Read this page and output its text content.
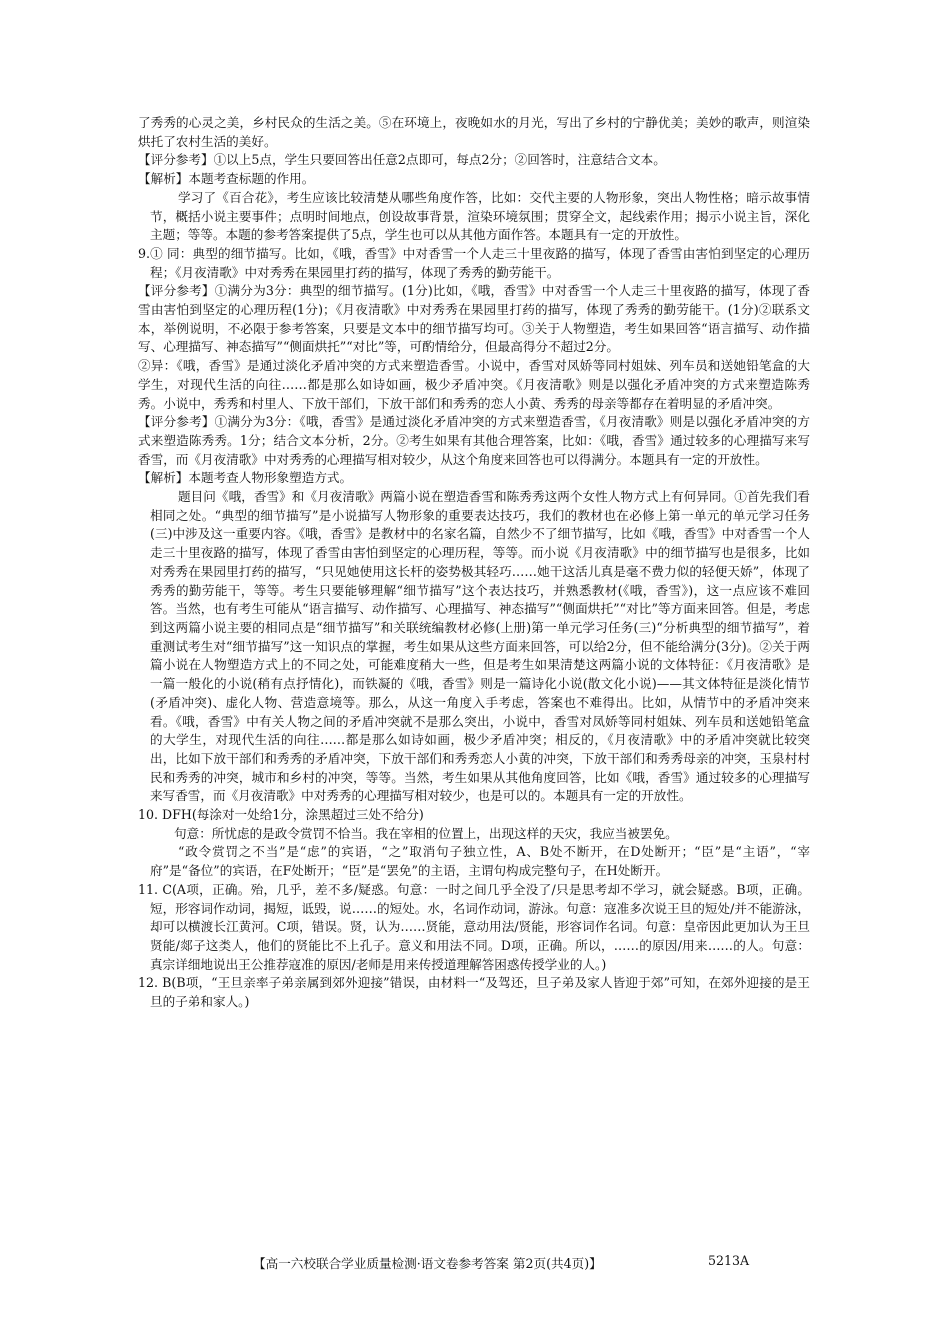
了秀秀的心灵之美，乡村民众的生活之美。⑤在环境上，夜晚如水的月光，写出了乡村的宁静优美；美妙的歌声，则渲染烘托了农村生活的美好。

【评分参考】①以上5点，学生只要回答出任意2点即可，每点2分；②回答时，注意结合文本。

【解析】本题考查标题的作用。

学习了《百合花》，考生应该比较清楚从哪些角度作答，比如：交代主要的人物形象，突出人物性格；暗示故事情节，概括小说主要事件；点明时间地点，创设故事背景，渲染环境氛围；贯穿全文，起线索作用；揭示小说主旨，深化主题；等等。本题的参考答案提供了5点，学生也可以从其他方面作答。本题具有一定的开放性。

9.① 同：典型的细节描写。比如，《哦，香雪》中对香雪一个人走三十里夜路的描写，体现了香雪由害怕到坚定的心理历程；《月夜清歌》中对秀秀在果园里打药的描写，体现了秀秀的勤劳能干。

【评分参考】①满分为3分：典型的细节描写。(1分)比如，《哦，香雪》中对香雪一个人走三十里夜路的描写，体现了香雪由害怕到坚定的心理历程(1分)；《月夜清歌》中对秀秀在果园里打药的描写，体现了秀秀的勤劳能干。(1分)②联系文本，举例说明，不必限于参考答案，只要是文本中的细节描写均可。③关于人物塑造，考生如果回答“语言描写、动作描写、心理描写、神态描写”“侧面烘托”“对比”等，可酌情给分，但最高得分不超过2分。

②异：《哦，香雪》是通过淡化矛盾冲突的方式来塑造香雪。小说中，香雪对凤娇等同村姐妹、列车员和送她铅笔盒的大学生，对现代生活的向往……都是那么如诗如画，极少矛盾冲突。《月夜清歌》则是以强化矛盾冲突的方式来塑造陈秀秀。小说中，秀秀和村里人、下放干部们，下放干部们和秀秀的恋人小黄、秀秀的母亲等都存在着明显的矛盾冲突。

【评分参考】①满分为3分：《哦，香雪》是通过淡化矛盾冲突的方式来塑造香雪，《月夜清歌》则是以强化矛盾冲突的方式来塑造陈秀秀。1分；结合文本分析，2分。②考生如果有其他合理答案，比如：《哦，香雪》通过较多的心理描写来写香雪，而《月夜清歌》中对秀秀的心理描写相对较少，从这个角度来回答也可以得满分。本题具有一定的开放性。

【解析】本题考查人物形象塑造方式。

题目问《哦，香雪》和《月夜清歌》两篇小说在塑造香雪和陈秀秀这两个女性人物方式上有何异同。①首先我们看相同之处。“典型的细节描写”是小说描写人物形象的重要表达技巧，我们的教材也在必修上第一单元的单元学习任务(三)中涉及这一重要内容。《哦，香雪》是教材中的名家名篇，自然少不了细节描写，比如《哦，香雪》中对香雪一个人走三十里夜路的描写，体现了香雪由害怕到坚定的心理历程，等等。而小说《月夜清歌》中的细节描写也是很多，比如对秀秀在果园里打药的描写，“只见她使用这长杆的姿势极其轻巧……她干这活儿真是毫不费力似的轻便天娇”，体现了秀秀的勤劳能干，等等。考生只要能够理解“细节描写”这个表达技巧，并熟悉教材(《哦，香雪》)，这一点应该不难回答。当然，也有考生可能从“语言描写、动作描写、心理描写、神态描写”“侧面烘托”“对比”等方面来回答。但是，考虑到这两篇小说主要的相同点是“细节描写”和关联统编教材必修(上册)第一单元学习任务(三)“分析典型的细节描写”，着重测试考生对“细节描写”这一知识点的掌握，考生如果从这些方面来回答，可以给2分，但不能给满分(3分)。②关于两篇小说在人物塑造方式上的不同之处，可能难度稍大一些，但是考生如果清楚这两篇小说的文体特征：《月夜清歌》是一篇一般化的小说(稍有点抒情化)，而铁凝的《哦，香雪》则是一篇诗化小说(散文化小说)——其文体特征是淡化情节(矛盾冲突)、虚化人物、营造意境等。那么，从这一角度入手考虑，答案也不难得出。比如，从情节中的矛盾冲突来看。《哦，香雪》中有关人物之间的矛盾冲突就不是那么突出，小说中，香雪对凤娇等同村姐妹、列车员和送她铅笔盒的大学生，对现代生活的向往……都是那么如诗如画，极少矛盾冲突；相反的，《月夜清歌》中的矛盾冲突就比较突出，比如下放干部们和秀秀的矛盾冲突，下放干部们和秀秀恋人小黄的冲突，下放干部们和秀秀母亲的冲突，玉泉村村民和秀秀的冲突，城市和乡村的冲突，等等。当然，考生如果从其他角度回答，比如《哦，香雪》通过较多的心理描写来写香雪，而《月夜清歌》中对秀秀的心理描写相对较少，也是可以的。本题具有一定的开放性。

10. DFH(每涂对一处给1分，涂黑超过三处不给分)

句意：所忧虑的是政令赏罚不恰当。我在宰相的位置上，出现这样的天灾，我应当被罢免。

“政令赏罚之不当”是“虑”的宾语，“之”取消句子独立性，A、B处不断开，在D处断开；“臣”是“主语”，“宰府”是“备位”的宾语，在F处断开；“臣”是“罢免”的主语，主谓句构成完整句子，在H处断开。

11. C(A项，正确。殆，几乎，差不多/疑惑。句意：一时之间几乎全没了/只是思考却不学习，就会疑惑。B项，正确。短，形容词作动词，揭短，诋毁，说……的短处。水，名词作动词，游泳。句意：寇准多次说王旦的短处/并不能游泳，却可以横渡长江黄河。C项，错误。贤，认为……贤能，意动用法/贤能，形容词作名词。句意：皇帝因此更加认为王旦贤能/郯子这类人，他们的贤能比不上孔子。意义和用法不同。D项，正确。所以，……的原因/用来……的人。句意：真宗详细地说出王公推荐寇准的原因/老师是用来传授道理解答困惑传授学业的人。)

12. B(B项，“王旦亲率子弟亲属到郊外迎接”错误，由材料一“及驾还，旦子弟及家人皆迎于郊”可知，在郊外迎接的是王旦的子弟和家人。)

【高一六校联合学业质量检测·语文卷参考答案 第2页(共4页)】	5213A
